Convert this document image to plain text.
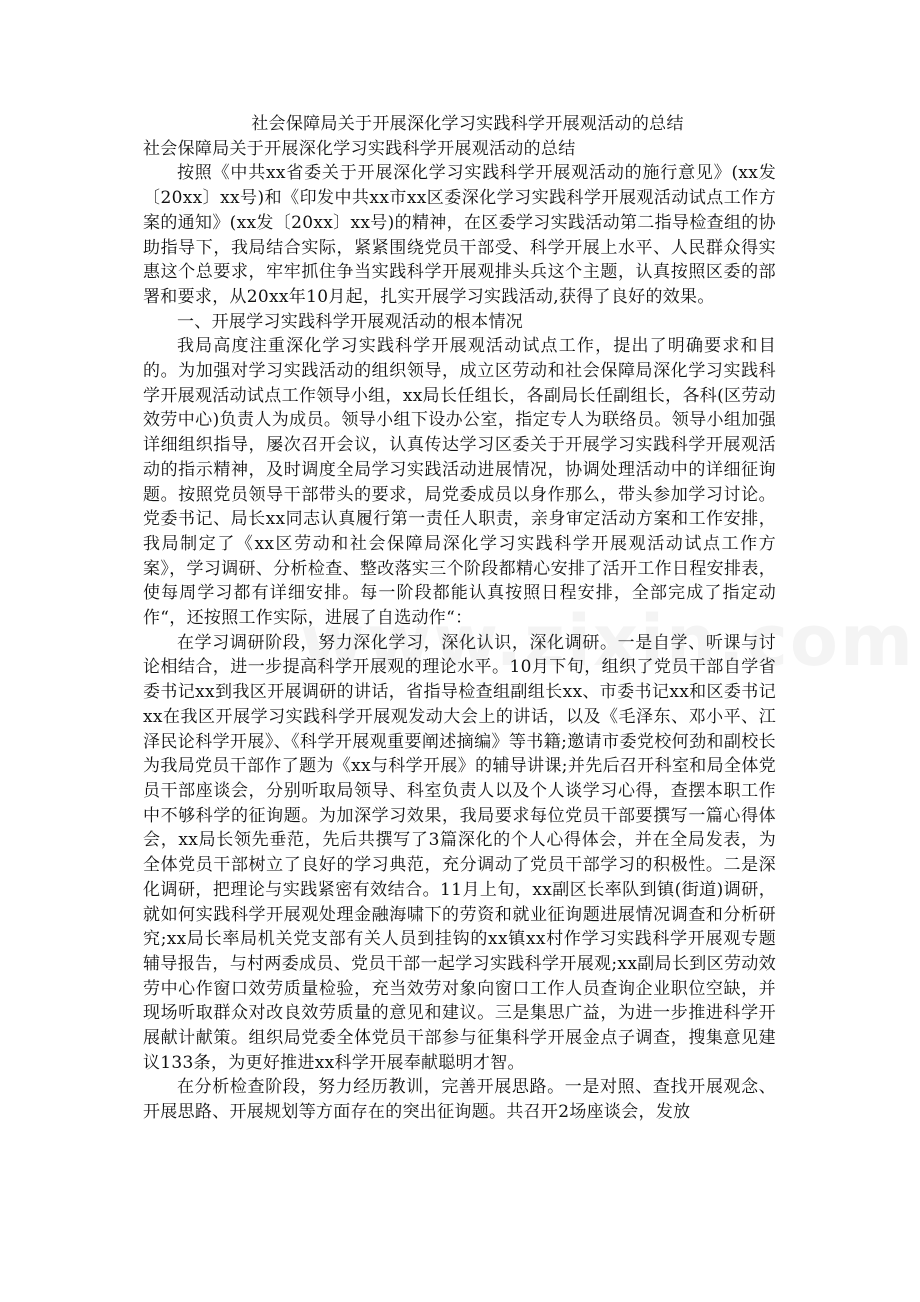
社会保障局关于开展深化学习实践科学开展观活动的总结
社会保障局关于开展深化学习实践科学开展观活动的总结

按照《中共xx省委关于开展深化学习实践科学开展观活动的施行意见》(xx发〔20xx〕xx号)和《印发中共xx市xx区委深化学习实践科学开展观活动试点工作方案的通知》(xx发〔20xx〕xx号)的精神，在区委学习实践活动第二指导检查组的协助指导下，我局结合实际，紧紧围绕党员干部受、科学开展上水平、人民群众得实惠这个总要求，牢牢抓住争当实践科学开展观排头兵这个主题，认真按照区委的部署和要求，从20xx年10月起，扎实开展学习实践活动,获得了良好的效果。

一、开展学习实践科学开展观活动的根本情况

我局高度注重深化学习实践科学开展观活动试点工作，提出了明确要求和目的。为加强对学习实践活动的组织领导，成立区劳动和社会保障局深化学习实践科学开展观活动试点工作领导小组，xx局长任组长，各副局长任副组长，各科(区劳动效劳中心)负责人为成员。领导小组下设办公室，指定专人为联络员。领导小组加强详细组织指导，屡次召开会议，认真传达学习区委关于开展学习实践科学开展观活动的指示精神，及时调度全局学习实践活动进展情况，协调处理活动中的详细征询题。按照党员领导干部带头的要求，局党委成员以身作那么，带头参加学习讨论。党委书记、局长xx同志认真履行第一责任人职责，亲身审定活动方案和工作安排，我局制定了《xx区劳动和社会保障局深化学习实践科学开展观活动试点工作方案》，学习调研、分析检查、整改落实三个阶段都精心安排了活开工作日程安排表，使每周学习都有详细安排。每一阶段都能认真按照日程安排，全部完成了指定动作“，还按照工作实际，进展了自选动作“：

在学习调研阶段，努力深化学习，深化认识，深化调研。一是自学、听课与讨论相结合，进一步提高科学开展观的理论水平。10月下旬，组织了党员干部自学省委书记xx到我区开展调研的讲话，省指导检查组副组长xx、市委书记xx和区委书记xx在我区开展学习实践科学开展观发动大会上的讲话，以及《毛泽东、邓小平、江泽民论科学开展》、《科学开展观重要阐述摘编》等书籍;邀请市委党校何劲和副校长为我局党员干部作了题为《xx与科学开展》的辅导讲课;并先后召开科室和局全体党员干部座谈会，分别听取局领导、科室负责人以及个人谈学习心得，查摆本职工作中不够科学的征询题。为加深学习效果，我局要求每位党员干部要撰写一篇心得体会，xx局长领先垂范，先后共撰写了3篇深化的个人心得体会，并在全局发表，为全体党员干部树立了良好的学习典范，充分调动了党员干部学习的积极性。二是深化调研，把理论与实践紧密有效结合。11月上旬，xx副区长率队到镇(街道)调研，就如何实践科学开展观处理金融海啸下的劳资和就业征询题进展情况调查和分析研究;xx局长率局机关党支部有关人员到挂钩的xx镇xx村作学习实践科学开展观专题辅导报告，与村两委成员、党员干部一起学习实践科学开展观;xx副局长到区劳动效劳中心作窗口效劳质量检验，充当效劳对象向窗口工作人员查询企业职位空缺，并现场听取群众对改良效劳质量的意见和建议。三是集思广益，为进一步推进科学开展献计献策。组织局党委全体党员干部参与征集科学开展金点子调查，搜集意见建议133条，为更好推进xx科学开展奉献聪明才智。

在分析检查阶段，努力经历教训，完善开展思路。一是对照、查找开展观念、开展思路、开展规划等方面存在的突出征询题。共召开2场座谈会，发放
